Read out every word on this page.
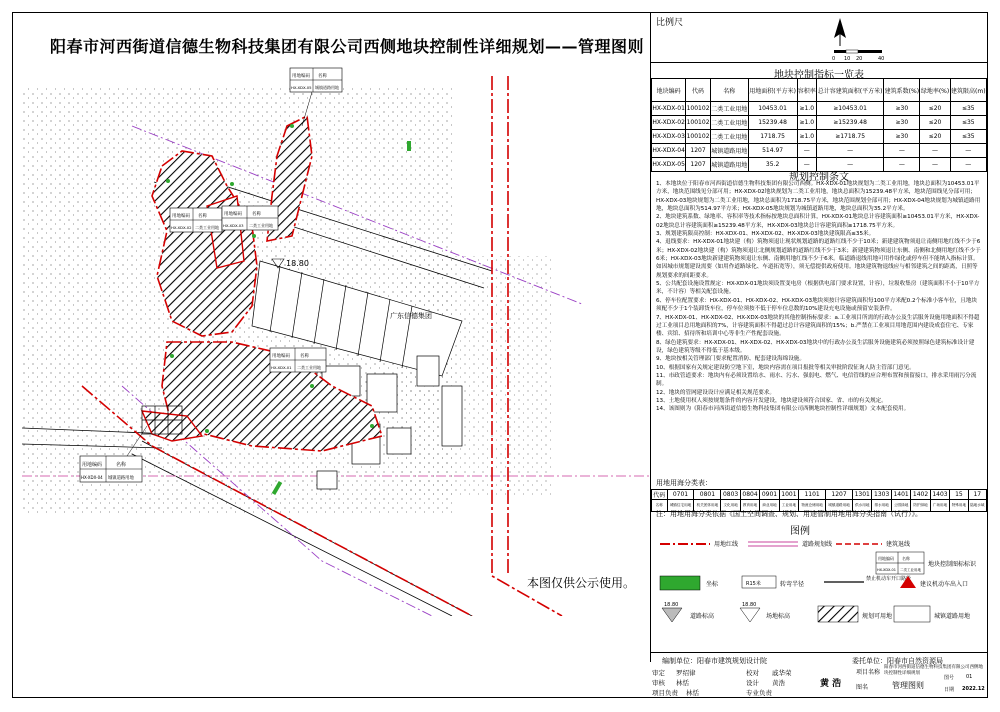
阳春市河西街道信德生物科技集团有限公司西侧地块控制性详细规划——管理图则
广东信德集团
18.80
用地编码 名称
HX-XDX-05 城镇道路用地
用地编码 名称
HX-XDX-02 二类工业用地
用地编码 名称
HX-XDX-03 二类工业用地
用地编码 名称
HX-XDX-01 二类工业用地
用地编码	名称
HX-XDX-04 城镇道路用地
本图仅供公示使用。
比例尺
0 10 20	40
地块控制指标一览表
地块编码	代码	名称	用地面积(平方米)	容积率	总计容建筑面积(平方米)	建筑系数(%)	绿地率(%)	建筑限高(m)
HX-XDX-01	100102	二类工业用地	10453.01	≥1.0	≥10453.01	≥30	≤20	≤35
HX-XDX-02	100102	二类工业用地	15239.48	≥1.0	≥15239.48	≥30	≤20	≤35
HX-XDX-03	100102	二类工业用地	1718.75	≥1.0	≥1718.75	≥30	≤20	≤35
HX-XDX-04	1207	城镇道路用地	514.97	—	—	—	—	—
HX-XDX-05	1207	城镇道路用地	35.2	—	—	—	—	—
规划控制条文

1、本地块位于阳春市河西街道信德生物科技集团有限公司西侧。HX-XDX-01地块规划为二类工业用地，地块总面积为10453.01平方米，地块范围线见分部可用；HX-XDX-02地块规划为二类工业用地，地块总面积为15239.48平方米，地块范围线见分部可用；HX-XDX-03地块规划为二类工业用地，地块总面积为1718.75平方米，地块范围规划全部可用；HX-XDX-04地块规划为城镇道路用地，地块总面积为514.97平方米；HX-XDX-05地块规划为城镇道路用地，地块总面积为35.2平方米。

2、地块建筑系数、绿地率、容积率等技术指标按地块总面积计算，HX-XDX-01地块总计容建筑面积≥10453.01平方米，HX-XDX-02地块总计容建筑面积≥15239.48平方米，HX-XDX-03地块总计容建筑面积≥1718.75平方米。

3、规划建筑限高控制：HX-XDX-01、HX-XDX-02、HX-XDX-03地块建筑限高≤35米。

4、退线要求：HX-XDX-01地块建（构）筑物须退让现状规划道路的道路红线不少于10米；新建建筑物须退让南侧用地红线不少于6米；HX-XDX-02地块建（构）筑物须退让北侧规划道路的道路红线不少于3米；新建建筑物须退让东侧、南侧和北侧用地红线不少于6米；HX-XDX-03地块新建建筑物须退让东侧、南侧用地红线不少于6米。临道路退线用地可用作绿化或停车但不能纳入指标计算。如因城市规划建设需要（如用作道路绿化、车道拓宽等），须无偿提供政府使用。地块建筑物退线应与相邻建筑之间的距离，日照等规划要求的间距要求。

5、公共配套设施设置规定：HX-XDX-01地块须设置变电房（根据供电部门要求设置，计容），垃圾收集房（建筑面积不小于10平方米，不计容）等相关配套设施。

6、停车位配置要求：HX-XDX-01、HX-XDX-02、HX-XDX-03地块须按计容建筑面积每100平方米配0.2个标准小客车位，且地块须配不少于1个装卸货车位，停车位须按不低于停车位总数的10%建设充电设施或预留安装条件。

7、HX-XDX-01、HX-XDX-02、HX-XDX-03地块的其他控制指标要求：a.工业项目所需的行政办公及生活服务设施用地面积不得超过工业项目总用地面积的7%，计容建筑面积不得超过总计容建筑面积的15%；b.严禁在工业项目用地范围内建设成套住宅、专家楼、宾馆、招待所和培训中心等非生产性配套设施。

8、绿色建筑要求：HX-XDX-01、HX-XDX-02、HX-XDX-03地块中的行政办公及生活服务设施建筑必须按照绿色建筑标准设计建设，绿色建筑等级不得低于基本级。

9、地块按相关管理部门要求配置消防、配套建设海绵设施。

10、根据国家有关规定建设防空地下室，地块内容需在项目报批等相关审批阶段征询人防主管部门意见。

11、市政管道要求：地块内有必须设置给水、雨水、污水、强弱电、燃气、电信管线的应合理布置和预留接口，排水采用雨污分流制。

12、地块的管网建设设计应满足相关规范要求。

13、土地使用权人须按规划条件的内容开发建设，地块建设须符合国家、省、市的有关规定。

14、该图则为《阳春市河西街道信德生物科技集团有限公司西侧地块控制性详细规划》文本配套使用。

用地用海分类表：
代码	0701	0801	0803	0804	0901	1001	1101	1207	1301	1303	1401	1402	1403	15	17
名称	城镇住宅用地	机关团体用地	文化用地	教育用地	商业用地	工业用地	物流仓储用地	城镇道路用地	供水用地	排水用地	公园绿地	防护绿地	广场用地	特殊用地	陆地水域
注：用地用海分类依据《国土空间调查、规划、用途管制用地用海分类指南（试行）》。
图例
用地红线	道路规划线	建筑退线
用地编码 名称
HX-XDX-01 二类工业用地
地块控制图标标识
坐标	R15米	转弯半径
禁止机动车开口路段
建议机动车出入口
18.80
道路标高
18.80
场地标高	规划可用地	城镇道路用地
编制单位：阳春市建筑规划设计院	委托单位：阳春市自然资源局
审定	罗绍律	校对	戚华荣
审核	林恬	设计	黄浩
项目负责	林恬	专业负责
黄 浩
项目名称
阳春市河西街道信德生物科技集团有限公司西侧地块控制性详细规划
图名	管理图则
图号 01
日期 2022.12
